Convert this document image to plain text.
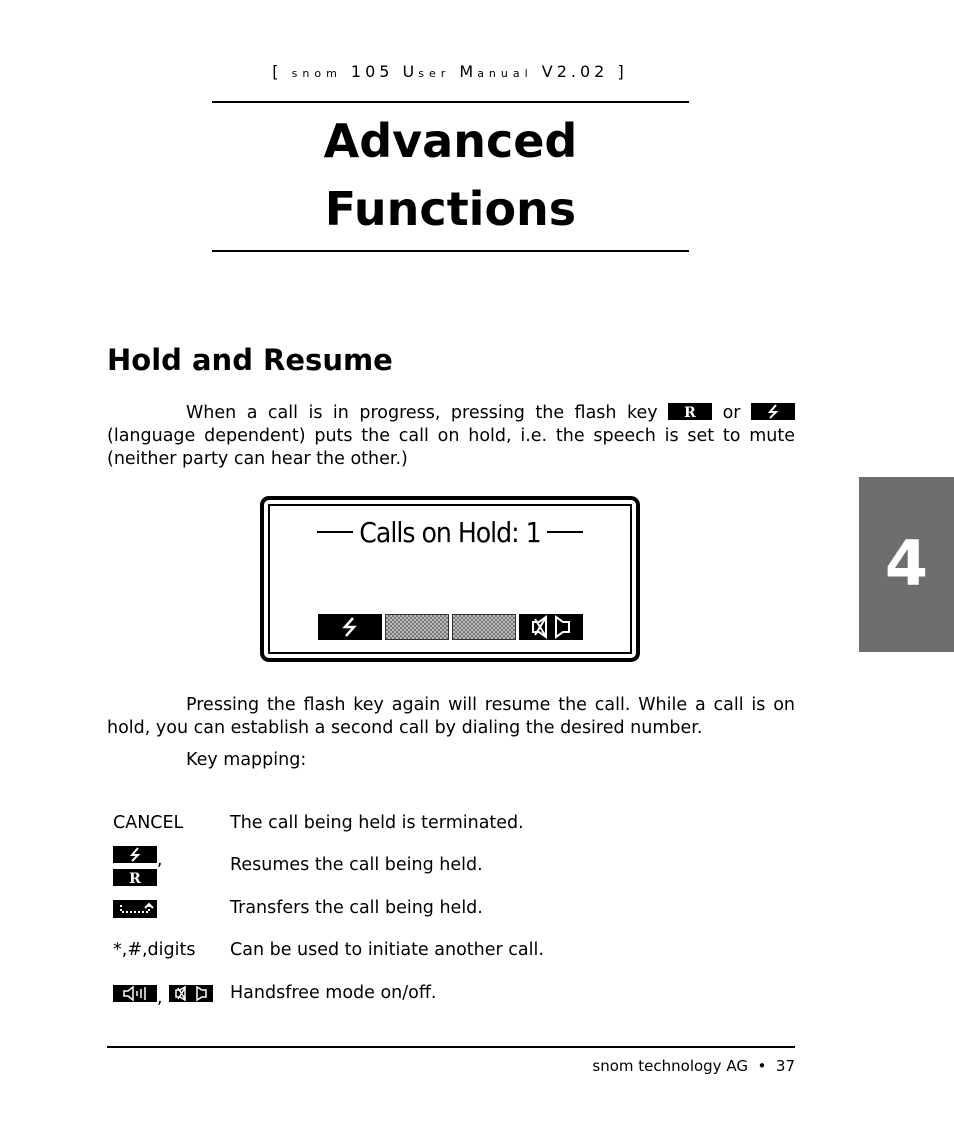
[ snom 105 User Manual V2.02 ]
Advanced
Functions
4
Hold and Resume
When a call is in progress, pressing the flash key R or  (language dependent) puts the call on hold, i.e. the speech is set to mute (neither party can hear the other.)
Calls on Hold: 1
Pressing the flash key again will resume the call. While a call is on hold, you can establish a second call by dialing the desired number.
Key mapping:
CANCEL	The call being held is terminated.
,
R
Resumes the call being held.
Transfers the call being held.
*,#,digits Can be used to initiate another call.
,	Handsfree mode on/off.
snom technology AG • 37
